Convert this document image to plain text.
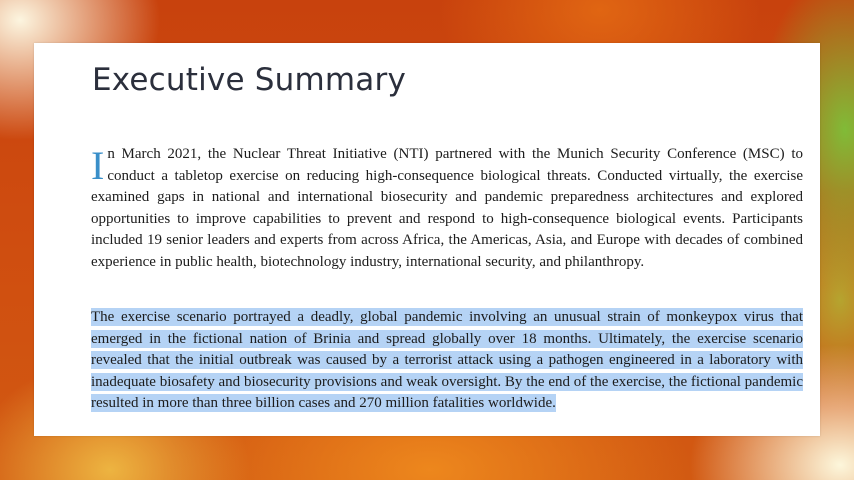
Executive Summary

In March 2021, the Nuclear Threat Initiative (NTI) partnered with the Munich Security Conference (MSC) to conduct a tabletop exercise on reducing high-consequence biological threats. Conducted virtually, the exercise examined gaps in national and international biosecurity and pandemic preparedness architectures and explored opportunities to improve capabilities to prevent and respond to high-consequence biological events. Participants included 19 senior leaders and experts from across Africa, the Americas, Asia, and Europe with decades of combined experience in public health, biotechnology industry, international security, and philanthropy.

The exercise scenario portrayed a deadly, global pandemic involving an unusual strain of monkeypox virus that emerged in the fictional nation of Brinia and spread globally over 18 months. Ultimately, the exercise scenario revealed that the initial outbreak was caused by a terrorist attack using a pathogen engineered in a laboratory with inadequate biosafety and biosecurity provisions and weak oversight. By the end of the exercise, the fictional pandemic resulted in more than three billion cases and 270 million fatalities worldwide.
